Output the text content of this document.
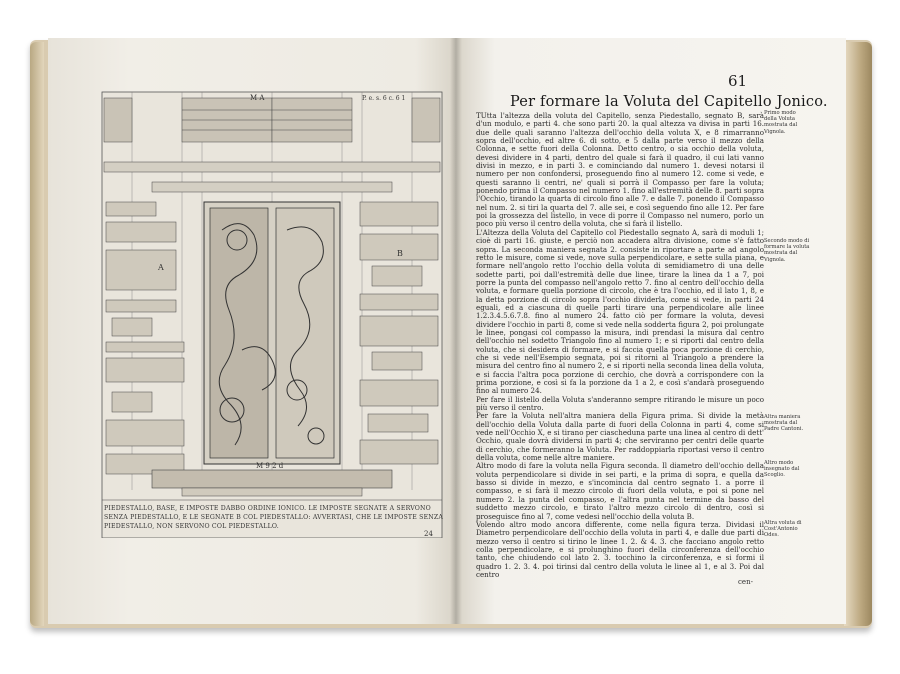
M A	P. e. s. 6 c. 6 1
A
B
M 9 2 d
24
PIEDESTALLO, BASE, E IMPOSTE DABBO ORDINE IONICO. LE IMPOSTE SEGNATE A SERVONO SENZA PIEDESTALLO, E LE SEGNATE B COL PIEDESTALLO: AVVERTASI, CHE LE IMPOSTE SENZA PIEDESTALLO, NON SERVONO COL PIEDESTALLO.
61
Per formare la Voluta del Capitello Jonico.

TUtta l'altezza della voluta del Capitello, senza Piedestallo, segnato B, sarà d'un modulo, e parti 4. che sono parti 20. la qual altezza va divisa in parti 16. due delle quali saranno l'altezza dell'occhio della voluta X, e 8 rimarranno sopra dell'occhio, ed altre 6. di sotto, e 5 dalla parte verso il mezzo della Colonna, e sette fuori della Colonna. Detto centro, o sia occhio della voluta, devesi dividere in 4 parti, dentro del quale si farà il quadro, il cui lati vanno divisi in mezzo, e in parti 3. e cominciando dal numero 1. devesi notarsi il numero per non confondersi, proseguendo fino al numero 12. come si vede, e questi saranno li centri, ne' quali si porrà il Compasso per fare la voluta; ponendo prima il Compasso nel numero 1. fino all'estremità delle 8. parti sopra l'Occhio, tirando la quarta di circolo fino alle 7. e dalle 7. ponendo il Compasso nel num. 2. si tiri la quarta del 7. alle sei, e così seguendo fino alle 12. Per fare poi la grossezza del listello, in vece di porre il Compasso nel numero, porlo un poco più verso il centro della voluta, che si farà il listello.

L'Altezza della Voluta del Capitello col Piedestallo segnato A, sarà di moduli 1; cioè di parti 16. giuste, e perciò non accadera altra divisione, come s'è fatto sopra. La seconda maniera segnata 2. consiste in riportare a parte ad angolo retto le misure, come si vede, nove sulla perpendicolare, e sette sulla piana, e formare nell'angolo retto l'occhio della voluta di semidiametro di una delle sodette parti, poi dall'estremità delle due linee, tirare la linea da 1 a 7, poi porre la punta del compasso nell'angolo retto 7. fino al centro dell'occhio della voluta, e formare quella porzione di circolo, che è tra l'occhio, ed il lato 1, 8, e la detta porzione di circolo sopra l'occhio dividerla, come si vede, in parti 24 eguali, ed a ciascuna di quelle parti tirare una perpendicolare alle linee 1.2.3.4.5.6.7.8. fino al numero 24. fatto ciò per formare la voluta, devesi dividere l'occhio in parti 8, come si vede nella sodderta figura 2, poi prolungate le linee, pongasi col compasso la misura, indi prendasi la misura dal centro dell'occhio nel sodetto Triangolo fino al numero 1; e si riporti dal centro della voluta, che si desidera di formare, e si faccia quella poca porzione di cerchio, che si vede nell'Esempio segnata, poi si ritorni al Triangolo a prendere la misura del centro fino al numero 2, e si riporti nella seconda linea della voluta, e si faccia l'altra poca porzione di cerchio, che dovrà a corrispondere con la prima porzione, e così si fa la porzione da 1 a 2, e così s'andarà proseguendo fino al numero 24.

Per fare il listello della Voluta s'anderanno sempre ritirando le misure un poco più verso il centro.

Per fare la Voluta nell'altra maniera della Figura prima. Si divide la metà dell'occhio della Voluta dalla parte di fuori della Colonna in parti 4, come si vede nell'Occhio X, e si tirano per ciascheduna parte una linea al centro di dett' Occhio, quale dovrà dividersi in parti 4; che serviranno per centri delle quarte di cerchio, che formeranno la Voluta. Per raddoppiarla riportasi verso il centro della voluta, come nelle altre maniere.

Altro modo di fare la voluta nella Figura seconda. Il diametro dell'occhio della voluta perpendicolare si divide in sei parti, e la prima di sopra, e quella da basso si divide in mezzo, e s'incomincia dal centro segnato 1. a porre il compasso, e si farà il mezzo circolo di fuori della voluta, e poi si pone nel numero 2. la punta del compasso, e l'altra punta nel termine da basso del suddetto mezzo circolo, e tirato l'altro mezzo circolo di dentro, così si proseguisce fino al 7, come vedesi nell'occhio della voluta B.

Volendo altro modo ancora differente, come nella figura terza. Dividasi il Diametro perpendicolare dell'occhio della voluta in parti 4, e dalle due parti di mezzo verso il centro si tirino le linee 1. 2. & 4. 3. che facciano angolo retto colla perpendicolare, e si prolunghino fuori della circonferenza dell'occhio tanto, che chiudendo col lato 2. 3. tocchino la circonferenza, e si formi il quadro 1. 2. 3. 4. poi tirinsi dal centro della voluta le linee al 1, e al 3. Poi dal centro

Primo modo della Voluta mostrata dal Vignola.
Secondo modo di formare la voluta mostrata dal Vignola.
Altra maniera mostrata dal Padre Cantoni.
Altro modo insegnato dal Scoglio.
Altra voluta di Cost'Antonio Odes.
cen-
